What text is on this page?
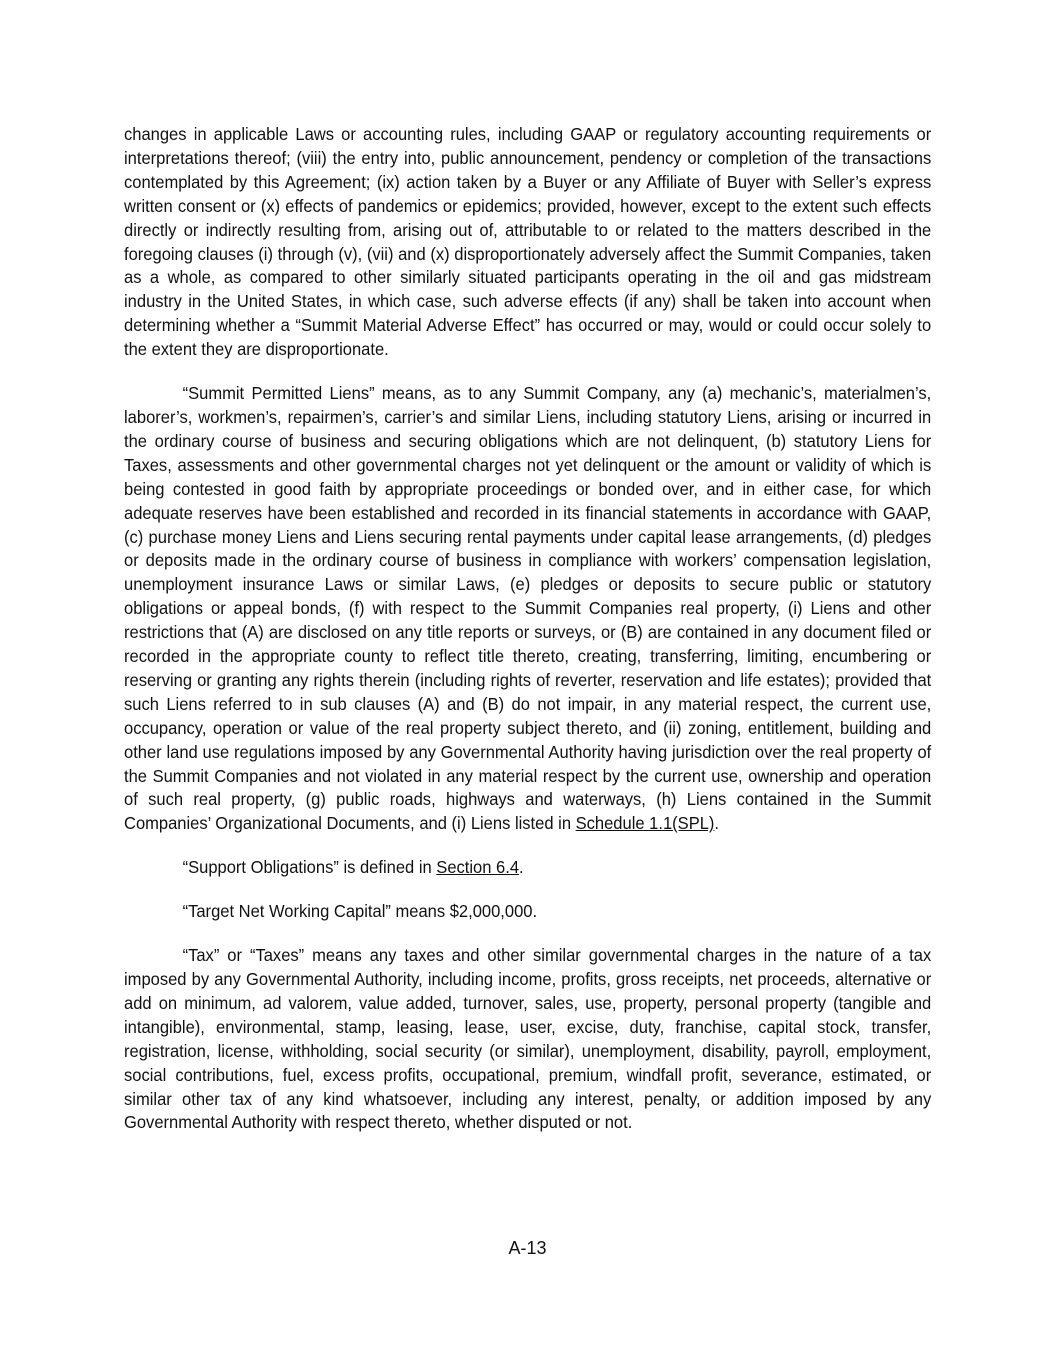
changes in applicable Laws or accounting rules, including GAAP or regulatory accounting requirements or interpretations thereof; (viii) the entry into, public announcement, pendency or completion of the transactions contemplated by this Agreement; (ix) action taken by a Buyer or any Affiliate of Buyer with Seller’s express written consent or (x) effects of pandemics or epidemics; provided, however, except to the extent such effects directly or indirectly resulting from, arising out of, attributable to or related to the matters described in the foregoing clauses (i) through (v), (vii) and (x) disproportionately adversely affect the Summit Companies, taken as a whole, as compared to other similarly situated participants operating in the oil and gas midstream industry in the United States, in which case, such adverse effects (if any) shall be taken into account when determining whether a “Summit Material Adverse Effect” has occurred or may, would or could occur solely to the extent they are disproportionate.

“Summit Permitted Liens” means, as to any Summit Company, any (a) mechanic’s, materialmen’s, laborer’s, workmen’s, repairmen’s, carrier’s and similar Liens, including statutory Liens, arising or incurred in the ordinary course of business and securing obligations which are not delinquent, (b) statutory Liens for Taxes, assessments and other governmental charges not yet delinquent or the amount or validity of which is being contested in good faith by appropriate proceedings or bonded over, and in either case, for which adequate reserves have been established and recorded in its financial statements in accordance with GAAP, (c) purchase money Liens and Liens securing rental payments under capital lease arrangements, (d) pledges or deposits made in the ordinary course of business in compliance with workers’ compensation legislation, unemployment insurance Laws or similar Laws, (e) pledges or deposits to secure public or statutory obligations or appeal bonds, (f) with respect to the Summit Companies real property, (i) Liens and other restrictions that (A) are disclosed on any title reports or surveys, or (B) are contained in any document filed or recorded in the appropriate county to reflect title thereto, creating, transferring, limiting, encumbering or reserving or granting any rights therein (including rights of reverter, reservation and life estates); provided that such Liens referred to in sub clauses (A) and (B) do not impair, in any material respect, the current use, occupancy, operation or value of the real property subject thereto, and (ii) zoning, entitlement, building and other land use regulations imposed by any Governmental Authority having jurisdiction over the real property of the Summit Companies and not violated in any material respect by the current use, ownership and operation of such real property, (g) public roads, highways and waterways, (h) Liens contained in the Summit Companies’ Organizational Documents, and (i) Liens listed in Schedule 1.1(SPL).

“Support Obligations” is defined in Section 6.4.

“Target Net Working Capital” means $2,000,000.

“Tax” or “Taxes” means any taxes and other similar governmental charges in the nature of a tax imposed by any Governmental Authority, including income, profits, gross receipts, net proceeds, alternative or add on minimum, ad valorem, value added, turnover, sales, use, property, personal property (tangible and intangible), environmental, stamp, leasing, lease, user, excise, duty, franchise, capital stock, transfer, registration, license, withholding, social security (or similar), unemployment, disability, payroll, employment, social contributions, fuel, excess profits, occupational, premium, windfall profit, severance, estimated, or similar other tax of any kind whatsoever, including any interest, penalty, or addition imposed by any Governmental Authority with respect thereto, whether disputed or not.

A-13
